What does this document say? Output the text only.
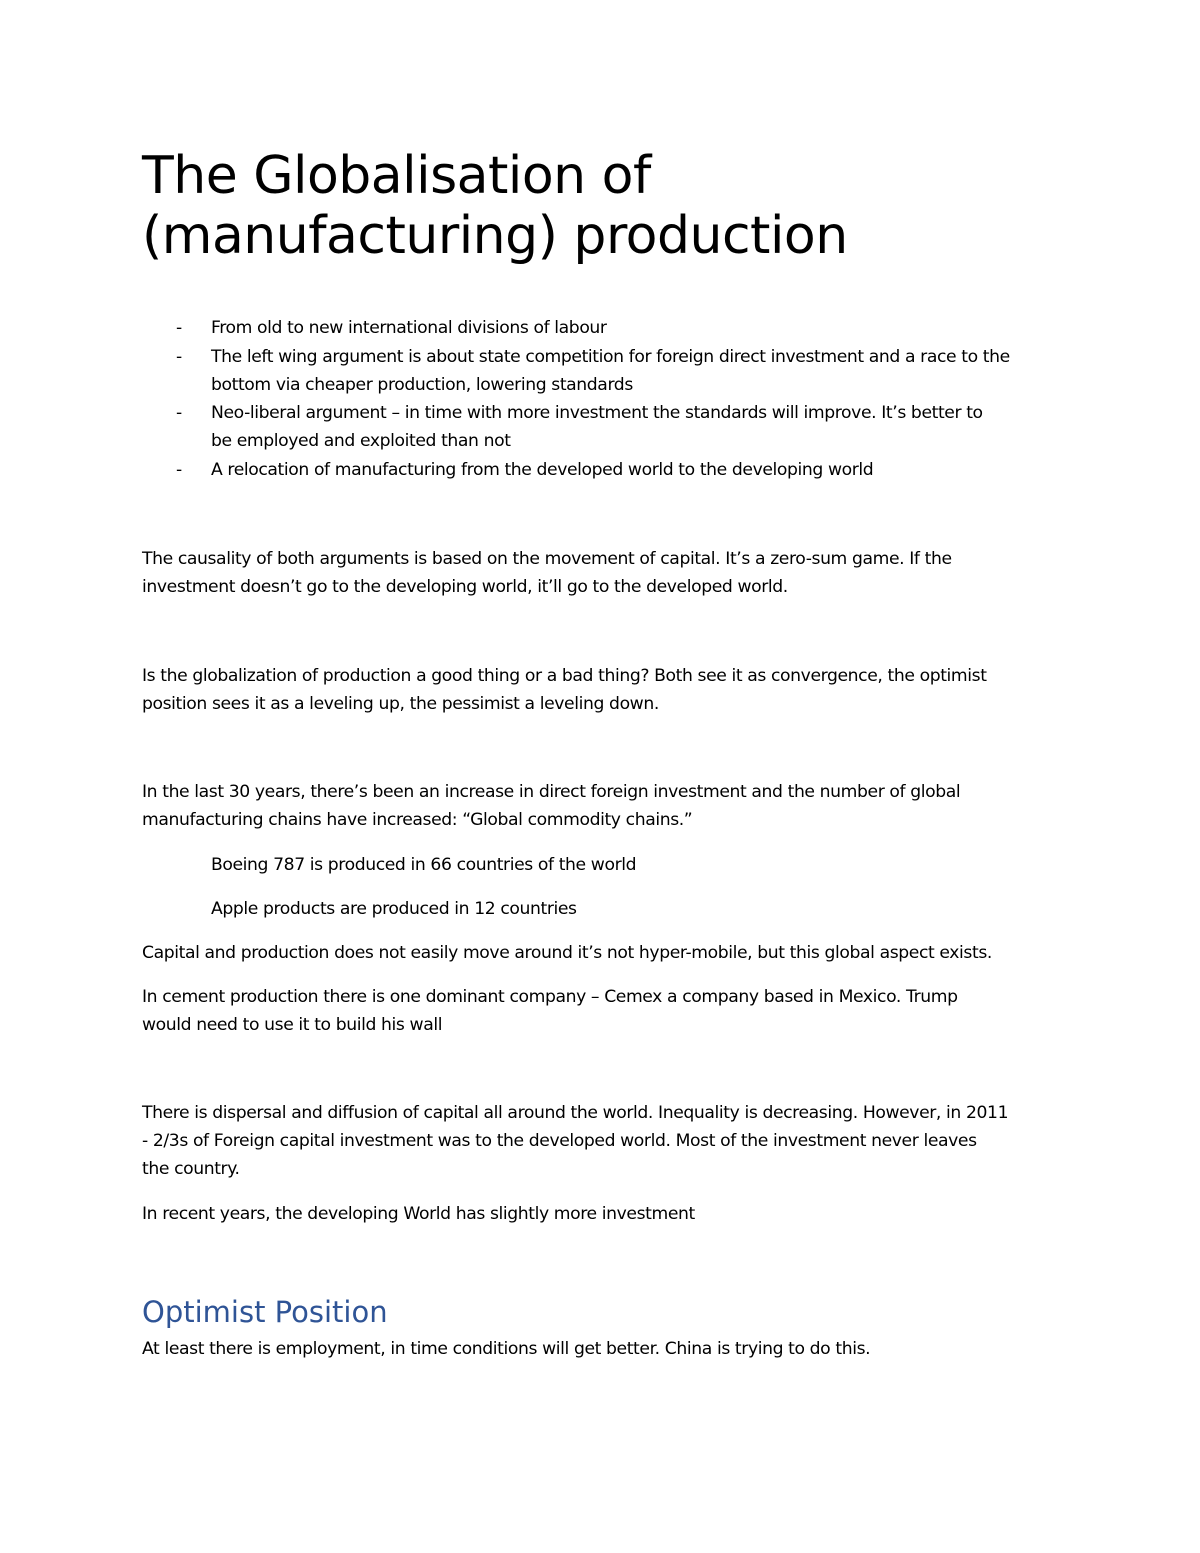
The Globalisation of
(manufacturing) production
- From old to new international divisions of labour

- The left wing argument is about state competition for foreign direct investment and a race to the

bottom via cheaper production, lowering standards

- Neo-liberal argument – in time with more investment the standards will improve. It’s better to

be employed and exploited than not

- A relocation of manufacturing from the developed world to the developing world

The causality of both arguments is based on the movement of capital. It’s a zero-sum game. If the

investment doesn’t go to the developing world, it’ll go to the developed world.

Is the globalization of production a good thing or a bad thing? Both see it as convergence, the optimist

position sees it as a leveling up, the pessimist a leveling down.

In the last 30 years, there’s been an increase in direct foreign investment and the number of global

manufacturing chains have increased: “Global commodity chains.”

Boeing 787 is produced in 66 countries of the world

Apple products are produced in 12 countries

Capital and production does not easily move around it’s not hyper-mobile, but this global aspect exists.

In cement production there is one dominant company – Cemex a company based in Mexico. Trump

would need to use it to build his wall

There is dispersal and diffusion of capital all around the world. Inequality is decreasing. However, in 2011

- 2/3s of Foreign capital investment was to the developed world. Most of the investment never leaves

the country.

In recent years, the developing World has slightly more investment

Optimist Position

At least there is employment, in time conditions will get better. China is trying to do this.
